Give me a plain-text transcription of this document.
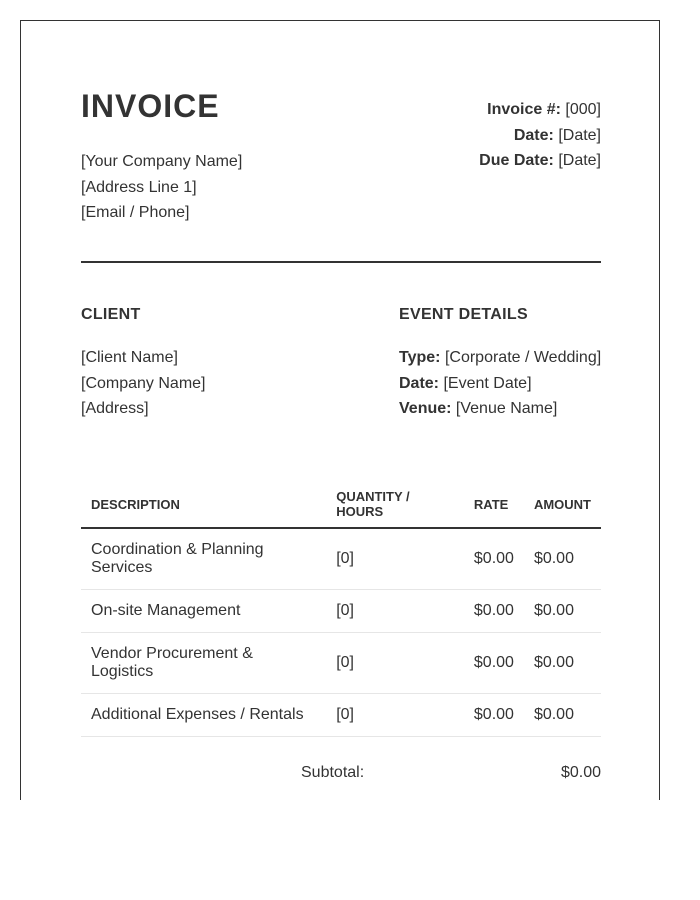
INVOICE
[Your Company Name]
[Address Line 1]
[Email / Phone]
Invoice #: [000]
Date: [Date]
Due Date: [Date]
CLIENT	EVENT DETAILS
[Client Name]
[Company Name]
[Address]
Type: [Corporate / Wedding]
Date: [Event Date]
Venue: [Venue Name]
DESCRIPTION	QUANTITY / HOURS	RATE	AMOUNT
Coordination & Planning Services	[0]	$0.00	$0.00
On-site Management	[0]	$0.00	$0.00
Vendor Procurement & Logistics	[0]	$0.00	$0.00
Additional Expenses / Rentals	[0]	$0.00	$0.00
Subtotal:	$0.00
